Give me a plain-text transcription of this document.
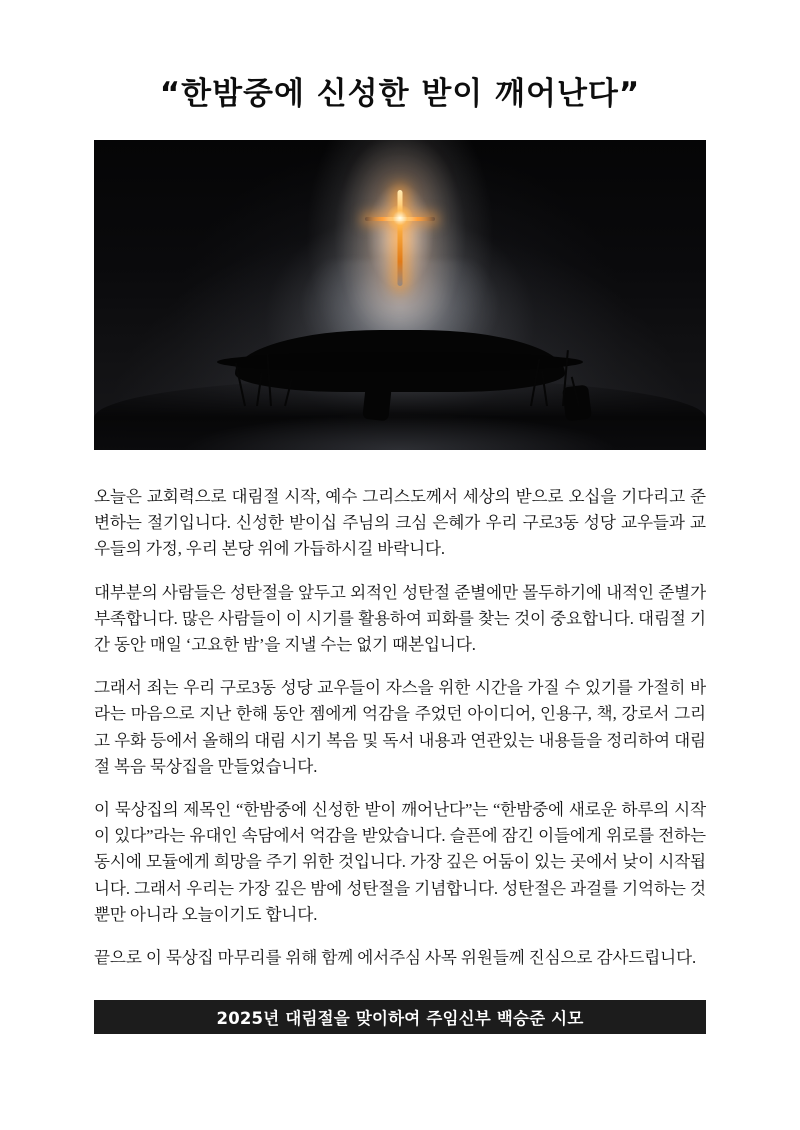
“한밤중에 신성한 받이 깨어난다”

오늘은 교회력으로 대림절 시작, 예수 그리스도께서 세상의 받으로 오십을 기다리고 준변하는 절기입니다. 신성한 받이십 주님의 크심 은혜가 우리 구로3동 성당 교우들과 교우들의 가정, 우리 본당 위에 가듭하시길 바락니다.

대부분의 사람들은 성탄절을 앞두고 외적인 성탄절 준별에만 몰두하기에 내적인 준별가 부족합니다. 많은 사람들이 이 시기를 활용하여 피화를 찾는 것이 중요합니다. 대림절 기간 동안 매일 ‘고요한 밤’을 지낼 수는 없기 때본입니다.

그래서 죄는 우리 구로3동 성당 교우들이 자스을 위한 시간을 가질 수 있기를 가절히 바라는 마음으로 지난 한해 동안 젬에게 억감을 주었던 아이디어, 인용구, 책, 강로서 그리고 우화 등에서 올해의 대림 시기 복음 및 독서 내용과 연관있는 내용들을 정리하여 대림절 복음 묵상집을 만들었습니다.

이 묵상집의 제목인 “한밤중에 신성한 받이 깨어난다”는 “한밤중에 새로운 하루의 시작이 있다”라는 유대인 속담에서 억감을 받았습니다. 슬픈에 잠긴 이들에게 위로를 전하는 동시에 모듈에게 희망을 주기 위한 것입니다. 가장 깊은 어둠이 있는 곳에서 낮이 시작됩니다. 그래서 우리는 가장 깊은 밤에 성탄절을 기념합니다. 성탄절은 과걸를 기억하는 것뿐만 아니라 오늘이기도 합니다.

끝으로 이 묵상집 마무리를 위해 함께 에서주심 사목 위원들께 진심으로 감사드립니다.

2025년 대림절을 맞이하여 주임신부 백승준 시모
